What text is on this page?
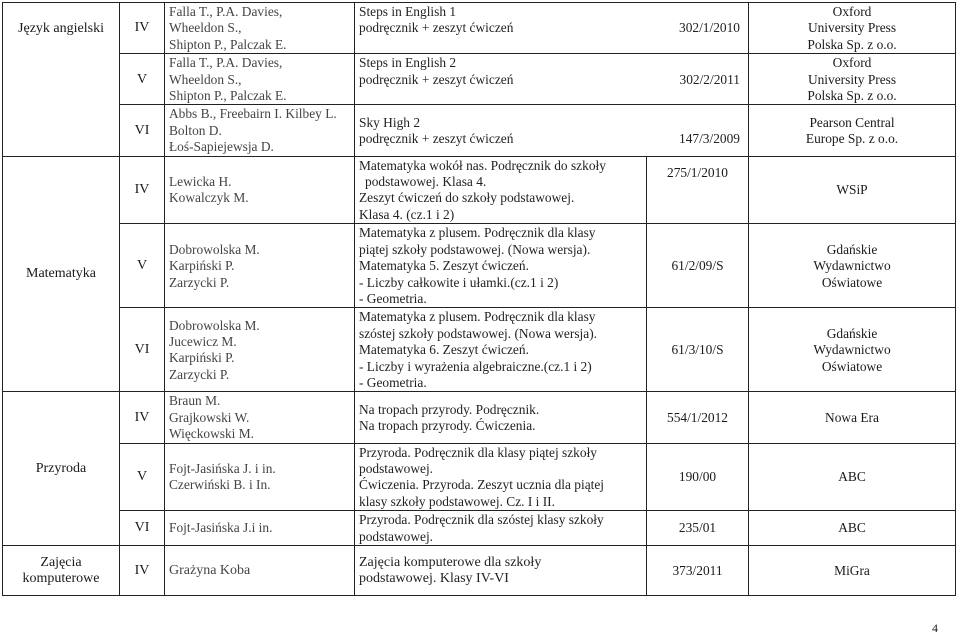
Język angielski	IV	Falla T., P.A. Davies,
Wheeldon S.,
Shipton P., Palczak E.	Steps in English 1
podręcznik + zeszyt ćwiczeń 302/1/2010		Oxford
University Press
Polska Sp. z o.o.

	V	Falla T., P.A. Davies,
Wheeldon S.,
Shipton P., Palczak E.	Steps in English 2
podręcznik + zeszyt ćwiczeń 302/2/2011		Oxford
University Press
Polska Sp. z o.o.

	VI	Abbs B., Freebairn I. Kilbey L.
Bolton D.
Łoś-Sapiejewsja D.	Sky High 2
podręcznik + zeszyt ćwiczeń 147/3/2009		Pearson Central
Europe Sp. z o.o.

Matematyka	IV	Lewicka H.
Kowalczyk M.	Matematyka wokół nas. Podręcznik do szkoły
podstawowej. Klasa 4.
Zeszyt ćwiczeń do szkoły podstawowej.
Klasa 4. (cz.1 i 2)	275/1/2010	WSiP
	V	Dobrowolska M.
Karpiński P.
Zarzycki P.	Matematyka z plusem. Podręcznik dla klasy
piątej szkoły podstawowej. (Nowa wersja).
Matematyka 5. Zeszyt ćwiczeń.
- Liczby całkowite i ułamki.(cz.1 i 2)
- Geometria.	61/2/09/S	Gdańskie
Wydawnictwo
Oświatowe

	VI	Dobrowolska M.
Jucewicz M.
Karpiński P.
Zarzycki P.	Matematyka z plusem. Podręcznik dla klasy
szóstej szkoły podstawowej. (Nowa wersja).
Matematyka 6. Zeszyt ćwiczeń.
- Liczby i wyrażenia algebraiczne.(cz.1 i 2)
- Geometria.	61/3/10/S	Gdańskie
Wydawnictwo
Oświatowe

Przyroda	IV	Braun M.
Grajkowski W.
Więckowski M.	Na tropach przyrody. Podręcznik.
Na tropach przyrody. Ćwiczenia.	554/1/2012	Nowa Era
	V	Fojt-Jasińska J. i in.
Czerwiński B. i In.	Przyroda. Podręcznik dla klasy piątej szkoły
podstawowej.
Ćwiczenia. Przyroda. Zeszyt ucznia dla piątej
klasy szkoły podstawowej. Cz. I i II.	190/00	ABC
	VI	Fojt-Jasińska J.i in.	Przyroda. Podręcznik dla szóstej klasy szkoły
podstawowej.	235/01	ABC
Zajęcia komputerowe	IV	Grażyna Koba	Zajęcia komputerowe dla szkoły
podstawowej. Klasy IV-VI	373/2011	MiGra
4
